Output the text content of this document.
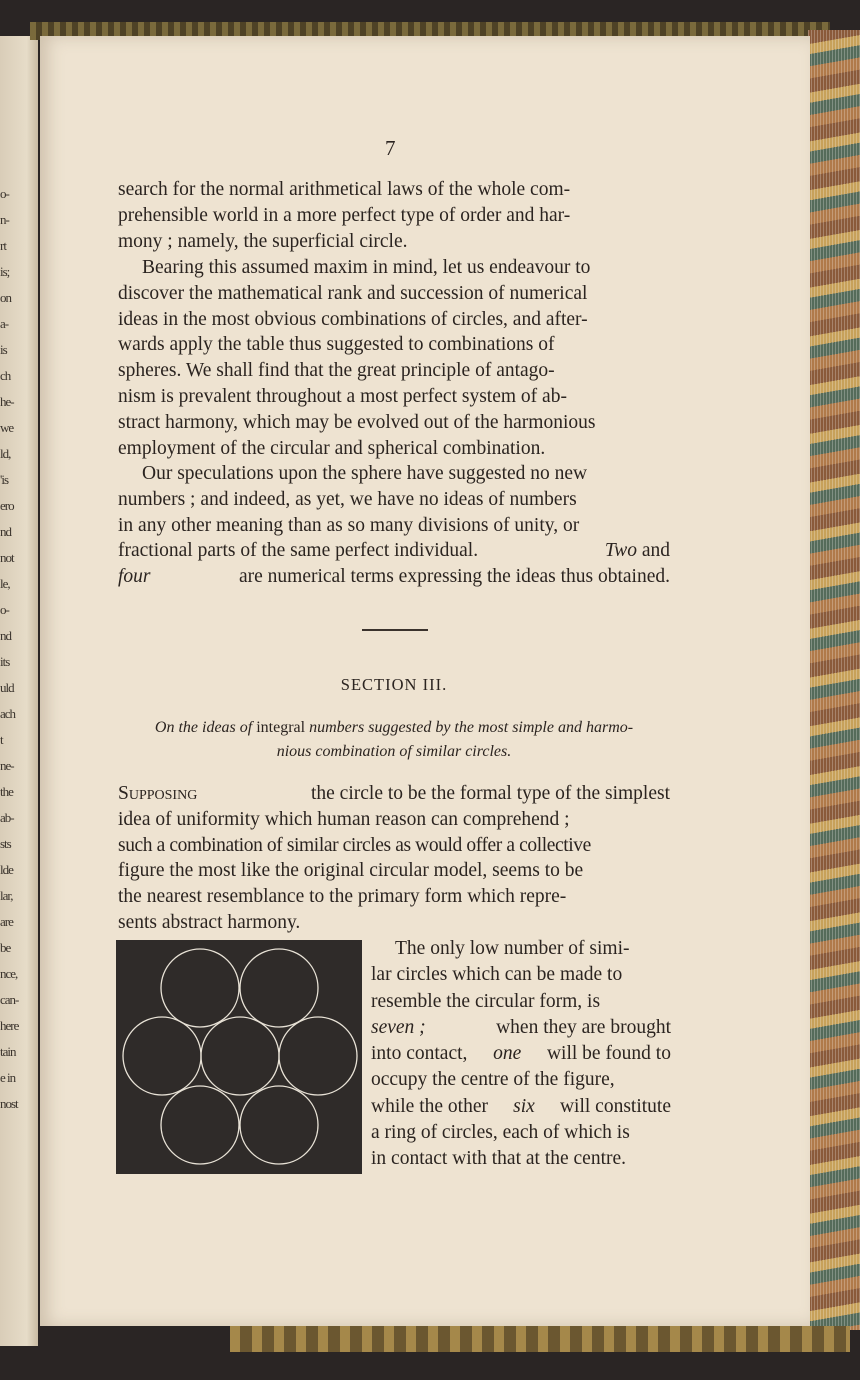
o-
n-
rt
is;
on
a-
is
ch
he-
we
ld,
'is
ero
nd
not
le,
o-
nd
its
uld
ach
t
ne-
the
ab-
sts
lde
lar,
are
be
nce,
can-
here
tain
e in
nost
7
search for the normal arithmetical laws of the whole com-
prehensible world in a more perfect type of order and har-
mony ; namely, the superficial circle.
Bearing this assumed maxim in mind, let us endeavour to
discover the mathematical rank and succession of numerical
ideas in the most obvious combinations of circles, and after-
wards apply the table thus suggested to combinations of
spheres. We shall find that the great principle of antago-
nism is prevalent throughout a most perfect system of ab-
stract harmony, which may be evolved out of the harmonious
employment of the circular and spherical combination.
Our speculations upon the sphere have suggested no new
numbers ; and indeed, as yet, we have no ideas of numbers
in any other meaning than as so many divisions of unity, or
fractional parts of the same perfect individual.	Two and
four	are numerical terms expressing the ideas thus obtained.
SECTION III.
On the ideas of integral numbers suggested by the most simple and harmo-
nious combination of similar circles.
Supposing	the circle to be the formal type of the simplest
idea of uniformity which human reason can comprehend ;
such a combination of similar circles as would offer a collective
figure the most like the original circular model, seems to be
the nearest resemblance to the primary form which repre-
sents abstract harmony.
The only low number of simi-
lar circles which can be made to
resemble the circular form, is
seven ;	when they are brought
into contact, one will be found to
occupy the centre of the figure,
while the other six will constitute
a ring of circles, each of which is
in contact with that at the centre.
